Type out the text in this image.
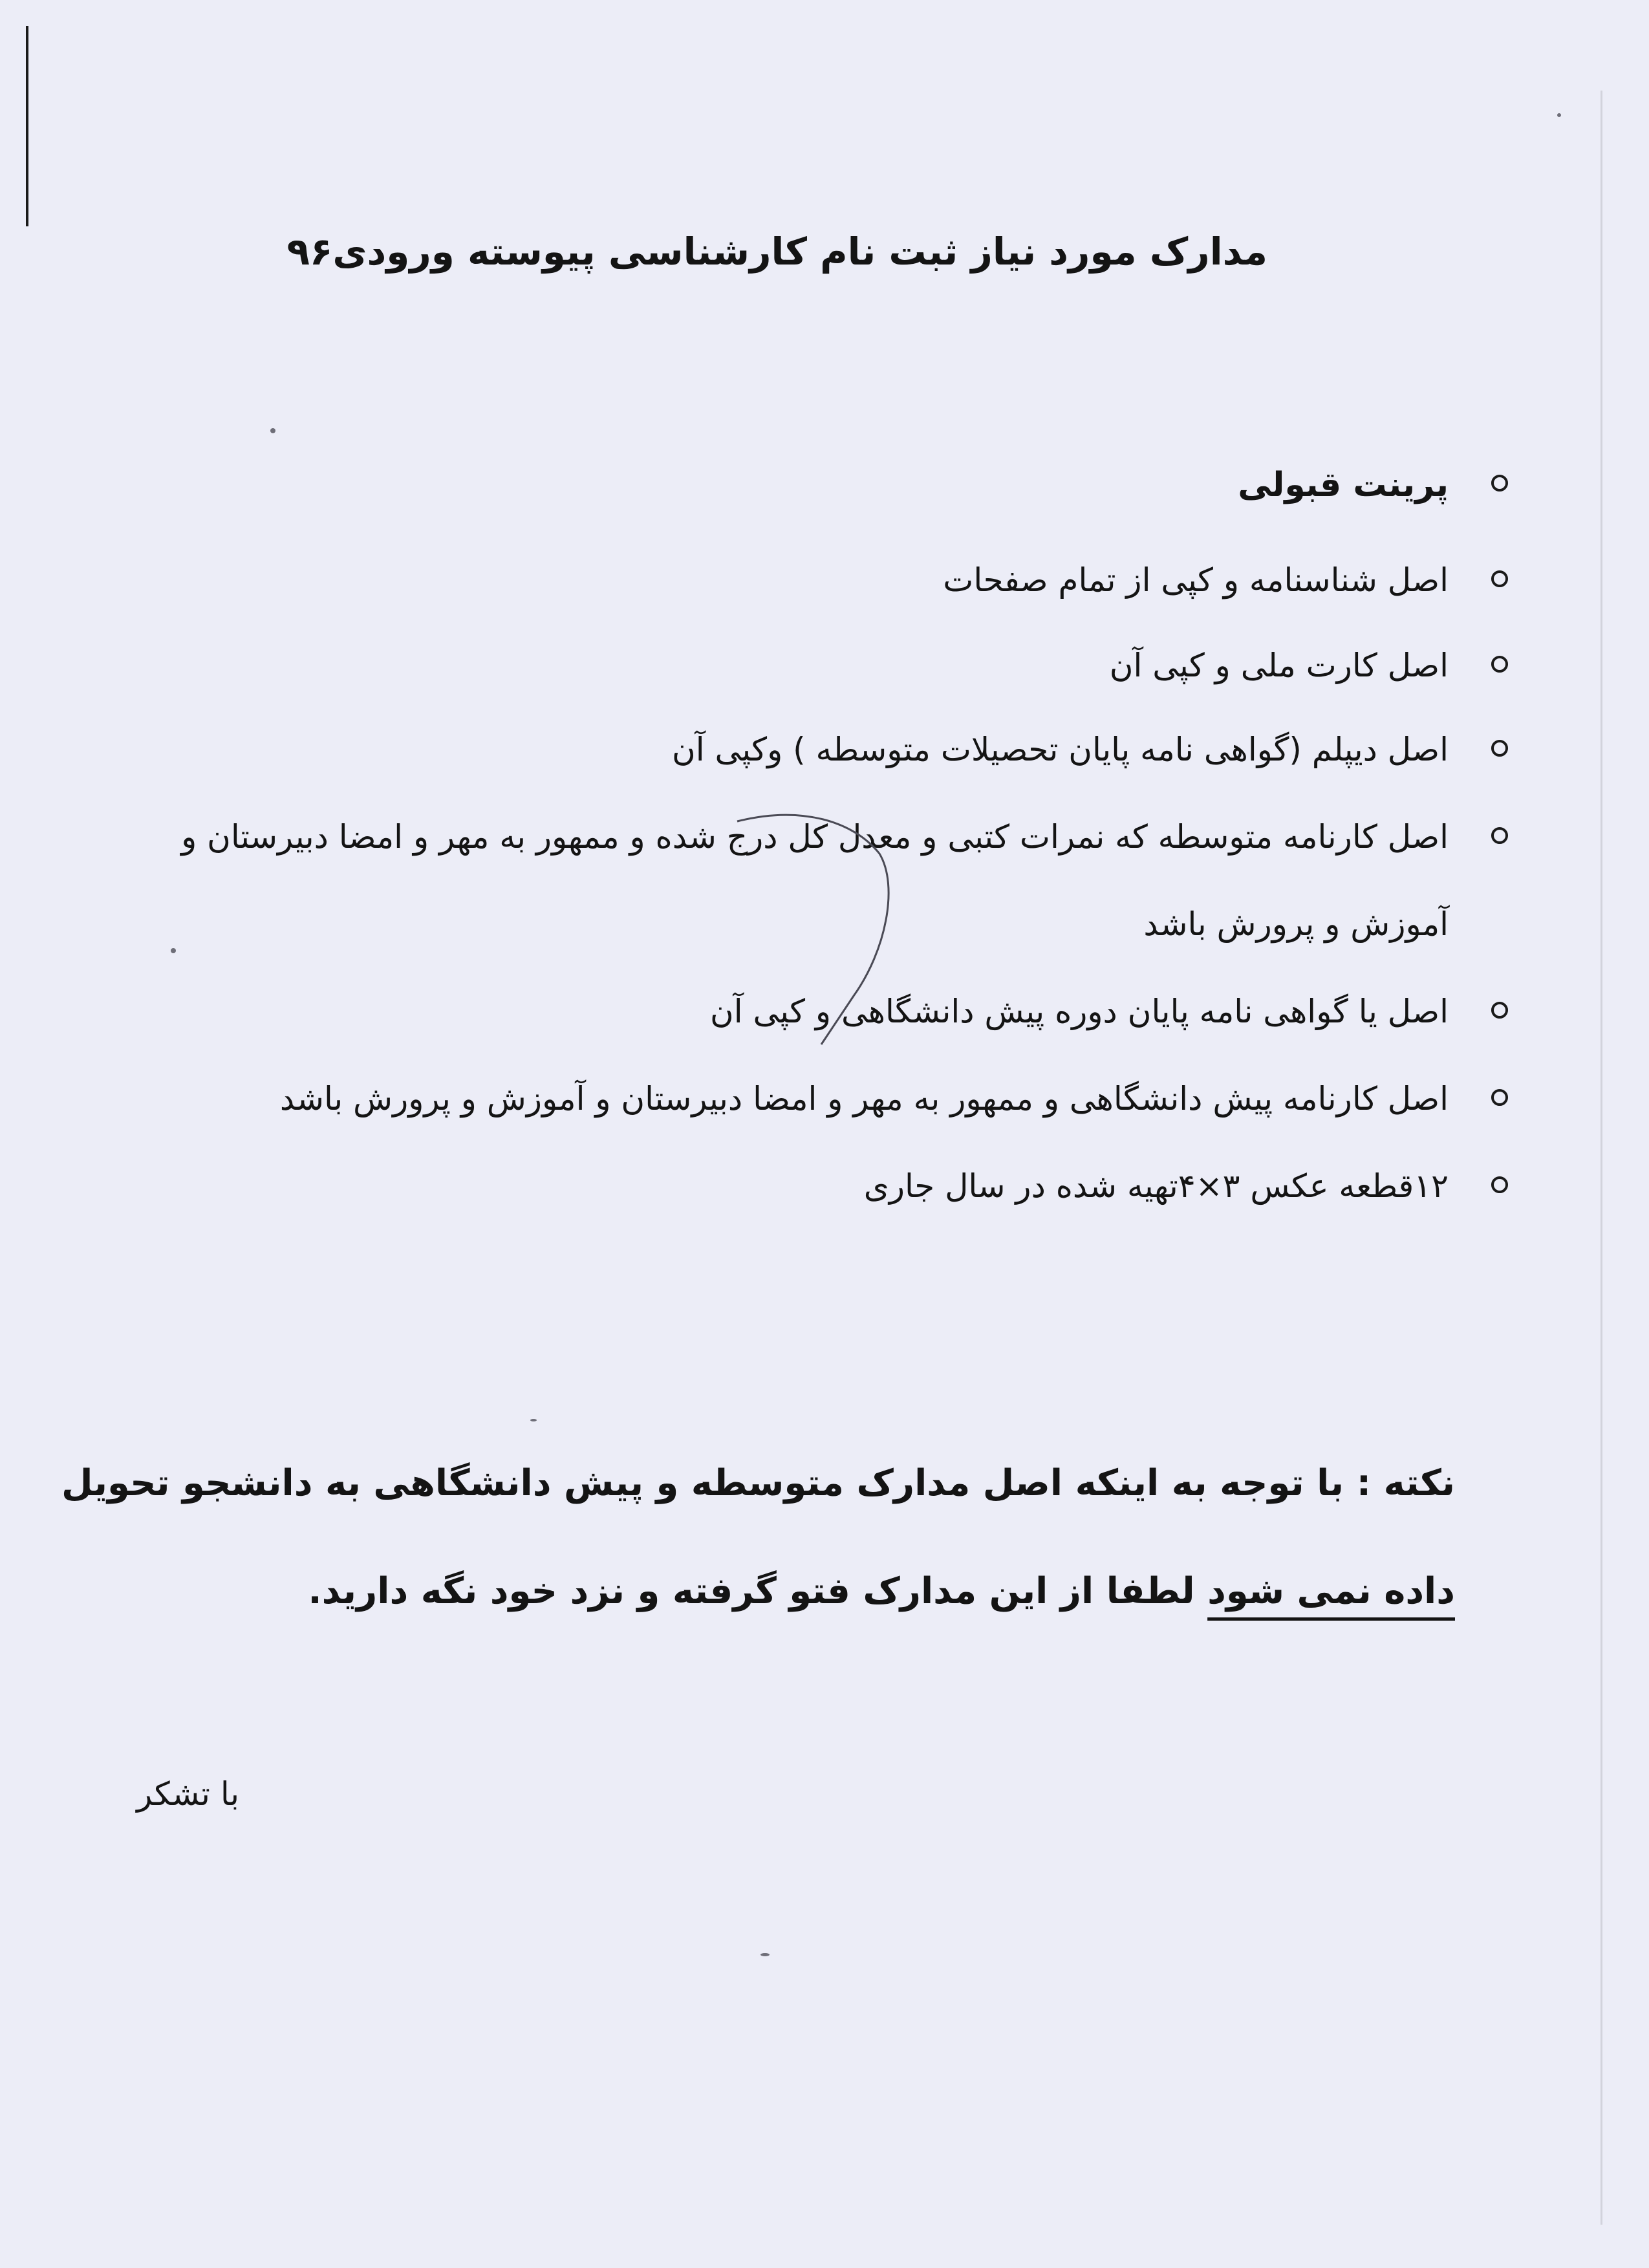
مدارک مورد نیاز ثبت نام کارشناسی پیوسته ورودی۹۶
پرینت قبولی
اصل شناسنامه و کپی از تمام صفحات
اصل کارت ملی و کپی آن
اصل دیپلم (گواهی نامه پایان تحصیلات متوسطه ) وکپی آن
اصل کارنامه متوسطه که نمرات کتبی و معدل کل درج شده و ممهور به مهر و امضا دبیرستان و
آموزش و پرورش باشد
اصل یا گواهی نامه پایان دوره پیش دانشگاهی و کپی آن
اصل کارنامه پیش دانشگاهی و ممهور به مهر و امضا دبیرستان و آموزش و پرورش باشد
۱۲قطعه عکس ۳×۴تهیه شده در سال جاری
نکته : با توجه به اینکه اصل مدارک متوسطه و پیش دانشگاهی به دانشجو تحویل
داده نمی شود لطفا از این مدارک فتو گرفته و نزد خود نگه دارید.
با تشکر
